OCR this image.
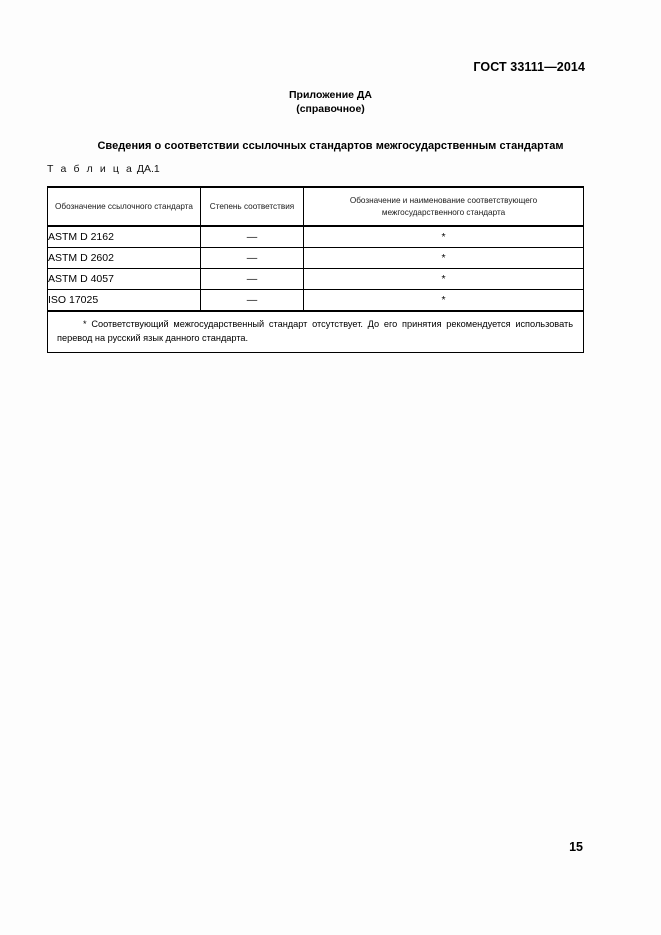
ГОСТ 33111—2014
Приложение ДА
(справочное)
Сведения о соответствии ссылочных стандартов межгосударственным стандартам
Т а б л и ц а ДА.1
Обозначение ссылочного стандарта	Степень соответствия	Обозначение и наименование соответствующего межгосударственного стандарта
ASTM D 2162	—	*
ASTM D 2602	—	*
ASTM D 4057	—	*
ISO 17025	—	*
* Соответствующий межгосударственный стандарт отсутствует. До его принятия рекомендуется использовать перевод на русский язык данного стандарта.		
15
